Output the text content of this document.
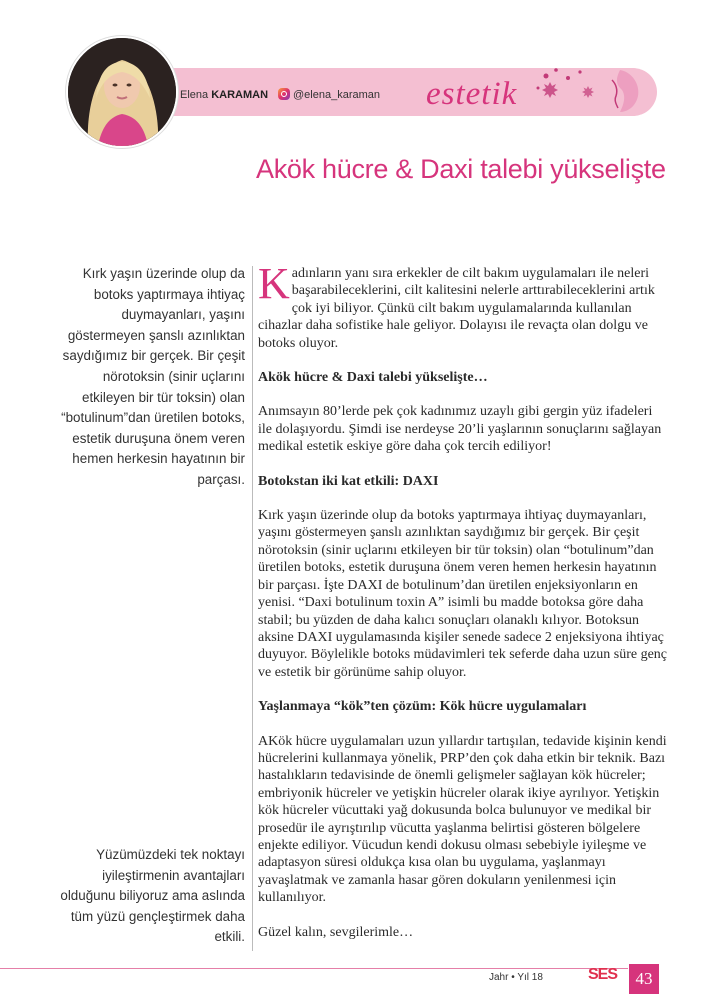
Elena KARAMAN @elena_karaman estetik
Akök hücre & Daxi talebi yükselişte
Kırk yaşın üzerinde olup da botoks yaptırmaya ihtiyaç duymayanları, yaşını göstermeyen şanslı azınlıktan saydığımız bir gerçek. Bir çeşit nörotoksin (sinir uçlarını etkileyen bir tür toksin) olan “botulinum”dan üretilen botoks, estetik duruşuna önem veren hemen herkesin hayatının bir parçası.
Yüzümüzdeki tek noktayı iyileştirmenin avantajları olduğunu biliyoruz ama aslında tüm yüzü gençleştirmek daha etkili.

Kadınların yanı sıra erkekler de cilt bakım uygulamaları ile neleri başarabileceklerini, cilt kalitesini nelerle arttırabileceklerini artık çok iyi biliyor. Çünkü cilt bakım uygulamalarında kullanılan cihazlar daha sofistike hale geliyor. Dolayısı ile revaçta olan dolgu ve botoks oluyor.

Akök hücre & Daxi talebi yükselişte…

Anımsayın 80’lerde pek çok kadınımız uzaylı gibi gergin yüz ifadeleri ile dolaşıyordu. Şimdi ise nerdeyse 20’li yaşlarının sonuçlarını sağlayan medikal estetik eskiye göre daha çok tercih ediliyor!

Botokstan iki kat etkili: DAXI

Kırk yaşın üzerinde olup da botoks yaptırmaya ihtiyaç duymayanları, yaşını göstermeyen şanslı azınlıktan saydığımız bir gerçek. Bir çeşit nörotoksin (sinir uçlarını etkileyen bir tür toksin) olan “botulinum”dan üretilen botoks, estetik duruşuna önem veren hemen herkesin hayatının bir parçası. İşte DAXI de botulinum’dan üretilen enjeksiyonların en yenisi. “Daxi botulinum toxin A” isimli bu madde botoksa göre daha stabil; bu yüzden de daha kalıcı sonuçları olanaklı kılıyor. Botoksun aksine DAXI uygulamasında kişiler senede sadece 2 enjeksiyona ihtiyaç duyuyor. Böylelikle botoks müdavimleri tek seferde daha uzun süre genç ve estetik bir görünüme sahip oluyor.

Yaşlanmaya “kök”ten çözüm: Kök hücre uygulamaları

AKök hücre uygulamaları uzun yıllardır tartışılan, tedavide kişinin kendi hücrelerini kullanmaya yönelik, PRP’den çok daha etkin bir teknik. Bazı hastalıkların tedavisinde de önemli gelişmeler sağlayan kök hücreler; embriyonik hücreler ve yetişkin hücreler olarak ikiye ayrılıyor. Yetişkin kök hücreler vücuttaki yağ dokusunda bolca bulunuyor ve medikal bir prosedür ile ayrıştırılıp vücutta yaşlanma belirtisi gösteren bölgelere enjekte ediliyor. Vücudun kendi dokusu olması sebebiyle iyileşme ve adaptasyon süresi oldukça kısa olan bu uygulama, yaşlanmayı yavaşlatmak ve zamanla hasar gören dokuların yenilenmesi için kullanılıyor.

Güzel kalın, sevgilerimle…

Jahr • Yıl 18	SES	43
